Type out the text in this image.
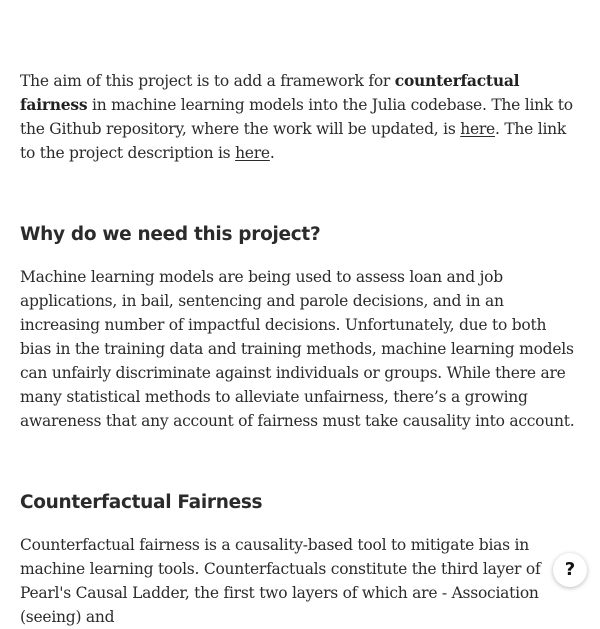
The aim of this project is to add a framework for counterfactual fairness in machine learning models into the Julia codebase. The link to the Github repository, where the work will be updated, is here. The link to the project description is here.

Why do we need this project?

Machine learning models are being used to assess loan and job applications, in bail, sentencing and parole decisions, and in an increasing number of impactful decisions. Unfortunately, due to both bias in the training data and training methods, machine learning models can unfairly discriminate against individuals or groups. While there are many statistical methods to alleviate unfairness, there’s a growing awareness that any account of fairness must take causality into account.

Counterfactual Fairness

Counterfactual fairness is a causality-based tool to mitigate bias in machine learning tools. Counterfactuals constitute the third layer of Pearl's Causal Ladder, the first two layers of which are - Association (seeing) and

?
